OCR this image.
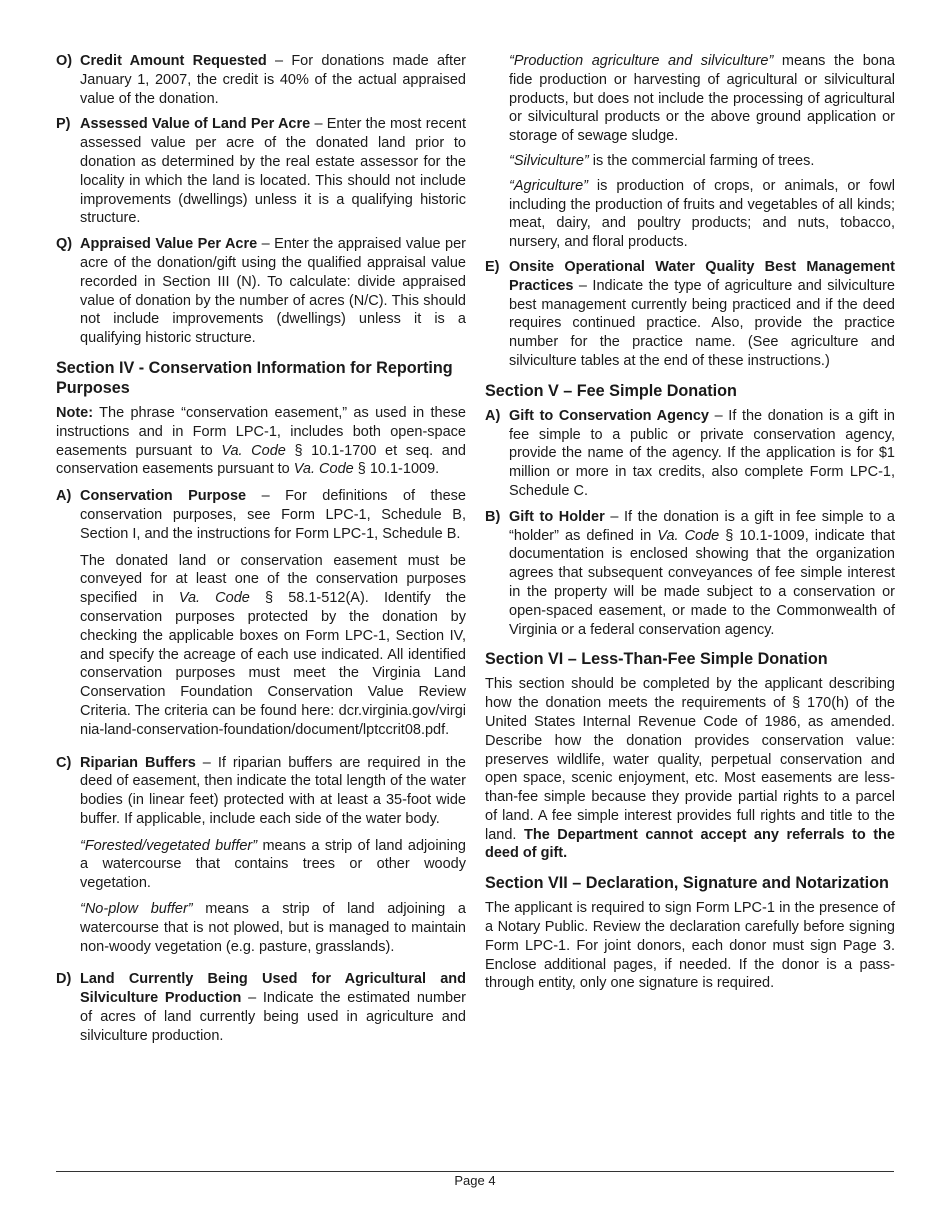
O) Credit Amount Requested – For donations made after January 1, 2007, the credit is 40% of the actual appraised value of the donation.
P) Assessed Value of Land Per Acre – Enter the most recent assessed value per acre of the donated land prior to donation as determined by the real estate assessor for the locality in which the land is located. This should not include improvements (dwellings) unless it is a qualifying historic structure.
Q) Appraised Value Per Acre – Enter the appraised value per acre of the donation/gift using the qualified appraisal value recorded in Section III (N). To calculate: divide appraised value of donation by the number of acres (N/C). This should not include improvements (dwellings) unless it is a qualifying historic structure.
Section IV - Conservation Information for Reporting Purposes

Note: The phrase “conservation easement,” as used in these instructions and in Form LPC-1, includes both open-space easements pursuant to Va. Code § 10.1-1700 et seq. and conservation easements pursuant to Va. Code § 10.1-1009.

A) Conservation Purpose – For definitions of these conservation purposes, see Form LPC-1, Schedule B, Section I, and the instructions for Form LPC-1, Schedule B.

The donated land or conservation easement must be conveyed for at least one of the conservation purposes specified in Va. Code § 58.1-512(A). Identify the conservation purposes protected by the donation by checking the applicable boxes on Form LPC-1, Section IV, and specify the acreage of each use indicated. All identified conservation purposes must meet the Virginia Land Conservation Foundation Conservation Value Review Criteria. The criteria can be found here: dcr.virginia.gov/virginia-land-conservation-foundation/document/lptccrit08.pdf.

C) Riparian Buffers – If riparian buffers are required in the deed of easement, then indicate the total length of the water bodies (in linear feet) protected with at least a 35-foot wide buffer. If applicable, include each side of the water body.

“Forested/vegetated buffer” means a strip of land adjoining a watercourse that contains trees or other woody vegetation.

“No-plow buffer” means a strip of land adjoining a watercourse that is not plowed, but is managed to maintain non-woody vegetation (e.g. pasture, grasslands).

D) Land Currently Being Used for Agricultural and Silviculture Production – Indicate the estimated number of acres of land currently being used in agriculture and silviculture production.

“Production agriculture and silviculture” means the bona fide production or harvesting of agricultural or silvicultural products, but does not include the processing of agricultural or silvicultural products or the above ground application or storage of sewage sludge.

“Silviculture” is the commercial farming of trees.

“Agriculture” is production of crops, or animals, or fowl including the production of fruits and vegetables of all kinds; meat, dairy, and poultry products; and nuts, tobacco, nursery, and floral products.

E) Onsite Operational Water Quality Best Management Practices – Indicate the type of agriculture and silviculture best management currently being practiced and if the deed requires continued practice. Also, provide the practice number for the practice name. (See agriculture and silviculture tables at the end of these instructions.)
Section V – Fee Simple Donation
A) Gift to Conservation Agency – If the donation is a gift in fee simple to a public or private conservation agency, provide the name of the agency. If the application is for $1 million or more in tax credits, also complete Form LPC-1, Schedule C.
B) Gift to Holder – If the donation is a gift in fee simple to a “holder” as defined in Va. Code § 10.1-1009, indicate that documentation is enclosed showing that the organization agrees that subsequent conveyances of fee simple interest in the property will be made subject to a conservation or open-spaced easement, or made to the Commonwealth of Virginia or a federal conservation agency.
Section VI – Less-Than-Fee Simple Donation

This section should be completed by the applicant describing how the donation meets the requirements of § 170(h) of the United States Internal Revenue Code of 1986, as amended. Describe how the donation provides conservation value: preserves wildlife, water quality, perpetual conservation and open space, scenic enjoyment, etc. Most easements are less-than-fee simple because they provide partial rights to a parcel of land. A fee simple interest provides full rights and title to the land. The Department cannot accept any referrals to the deed of gift.

Section VII – Declaration, Signature and Notarization

The applicant is required to sign Form LPC-1 in the presence of a Notary Public. Review the declaration carefully before signing Form LPC-1. For joint donors, each donor must sign Page 3. Enclose additional pages, if needed. If the donor is a pass-through entity, only one signature is required.

Page 4
